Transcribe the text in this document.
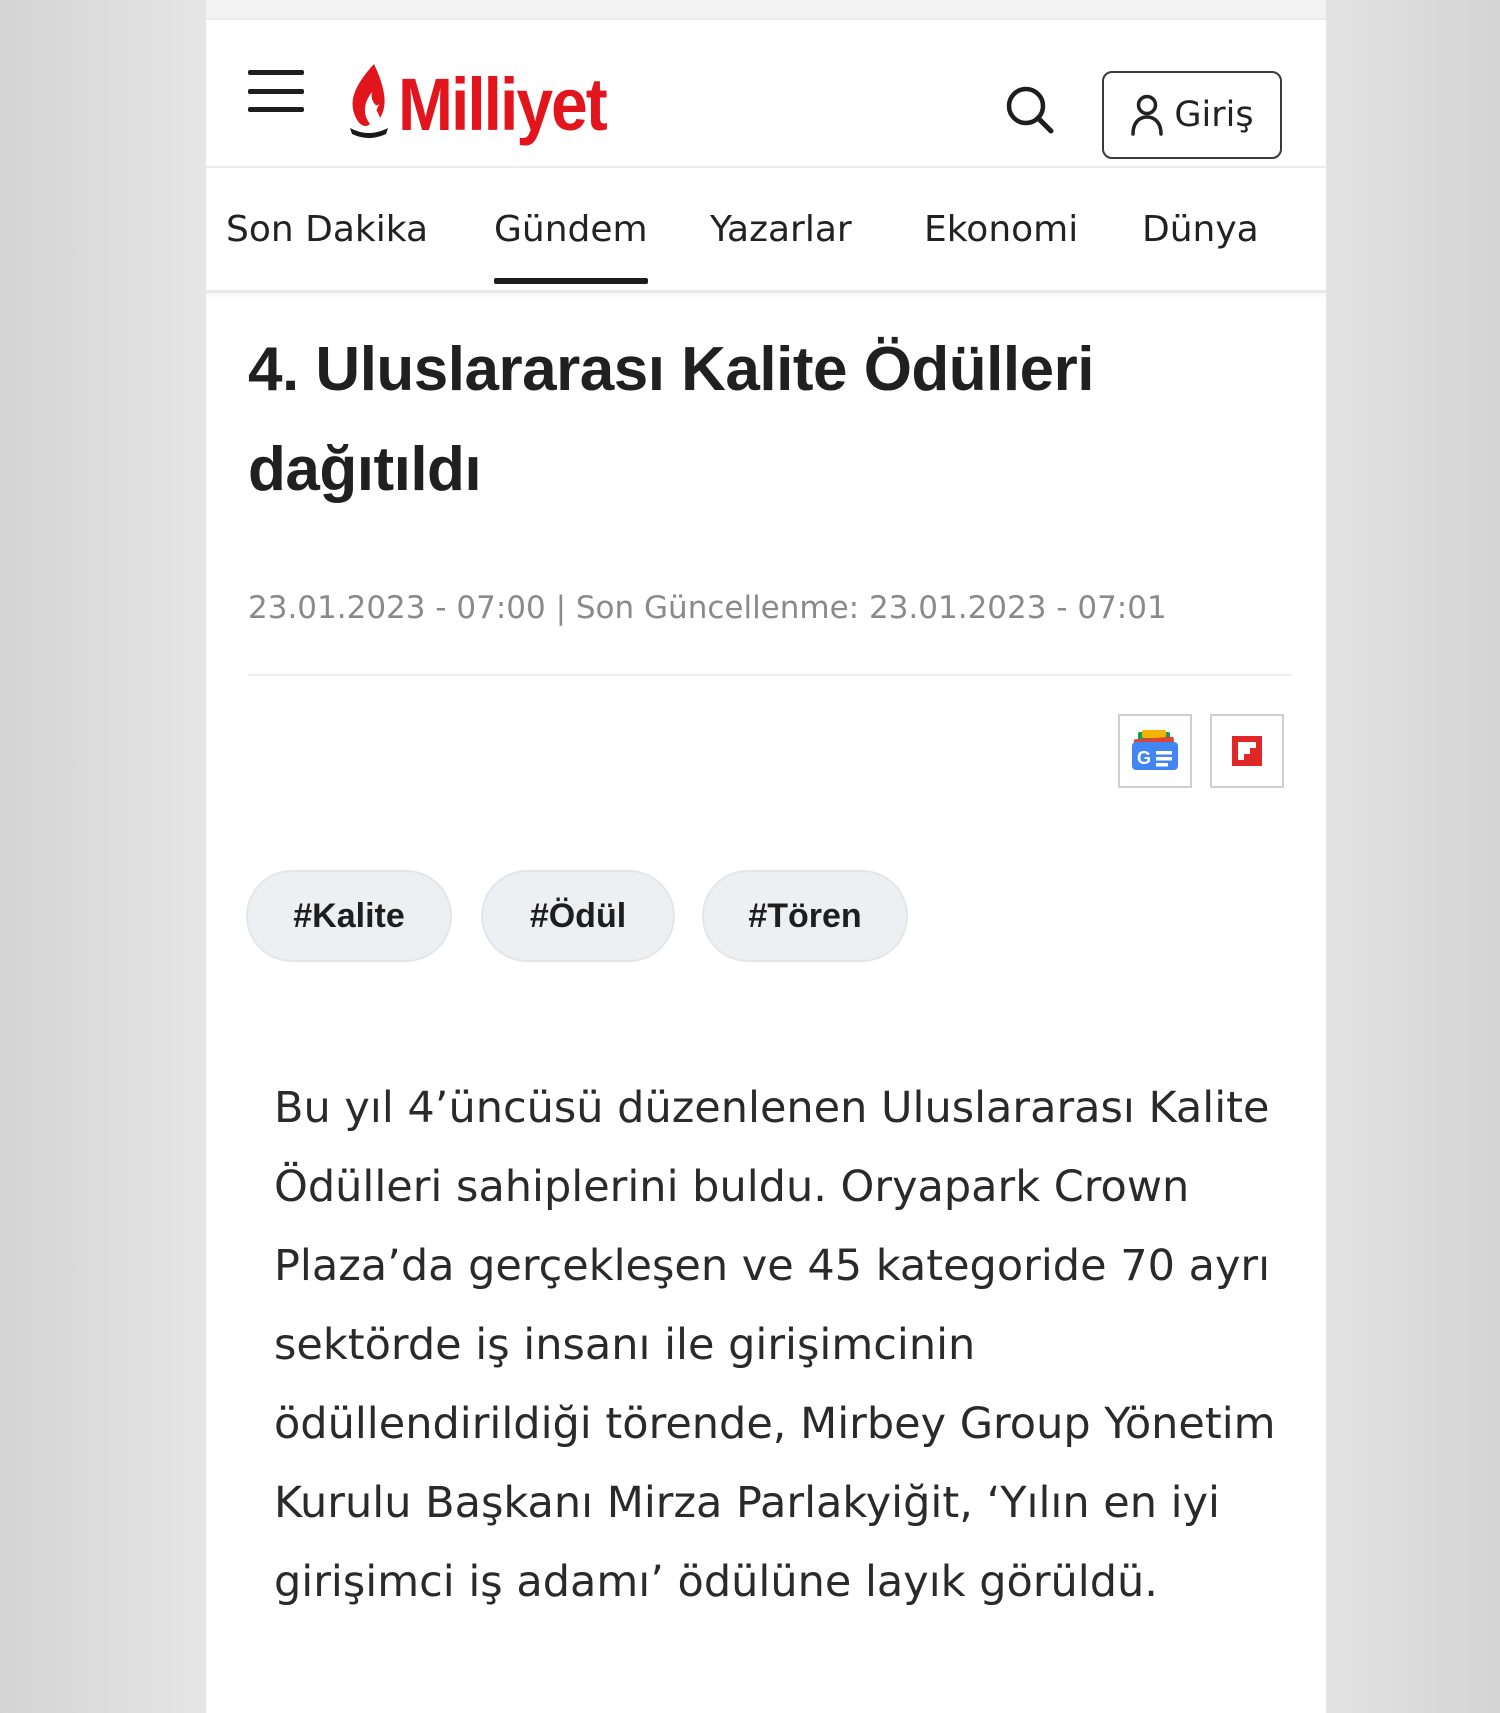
Milliyet	Giriş
Son Dakika Gündem Yazarlar Ekonomi Dünya
4. Uluslararası Kalite Ödülleri dağıtıldı
23.01.2023 - 07:00 | Son Güncellenme: 23.01.2023 - 07:01
G
#Kalite	#Ödül	#Tören

Bu yıl 4’üncüsü düzenlenen Uluslararası Kalite Ödülleri sahiplerini buldu. Oryapark Crown Plaza’da gerçekleşen ve 45 kategoride 70 ayrı sektörde iş insanı ile girişimcinin ödüllendirildiği törende, Mirbey Group Yönetim Kurulu Başkanı Mirza Parlakyiğit, ‘Yılın en iyi girişimci iş adamı’ ödülüne layık görüldü.
